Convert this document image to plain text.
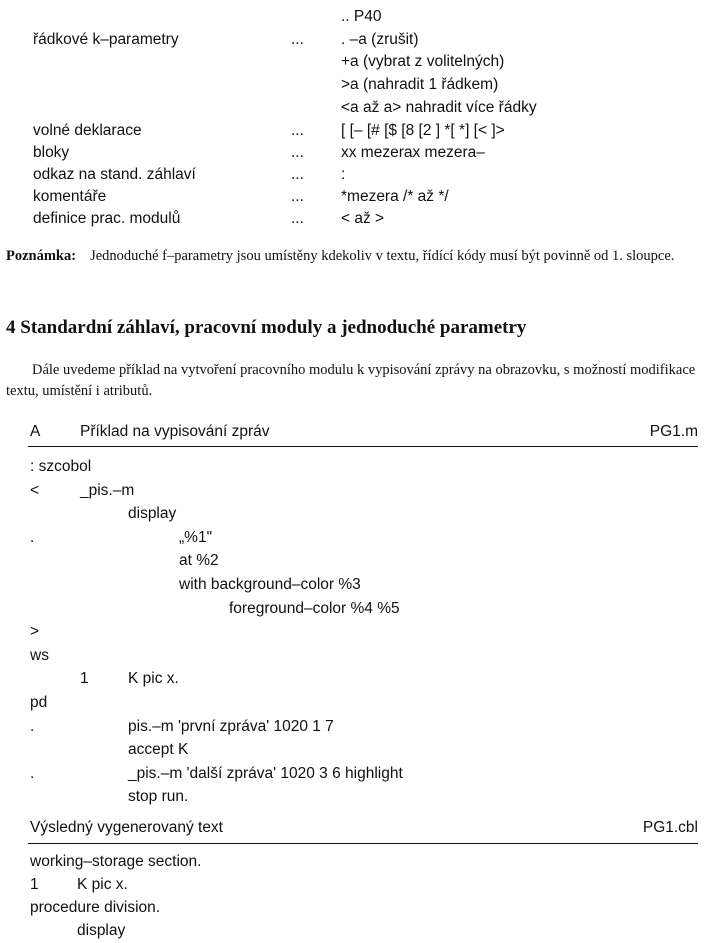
.. P40
řádkové k–parametry	... . –a (zrušit)
+a (vybrat z volitelných)
>a (nahradit 1 řádkem)
<a až a> nahradit více řádky
volné deklarace	... [ [– [# [$ [8 [2 ] *[ *] [< ]>
bloky	... xx mezerax mezera–
odkaz na stand. záhlaví	... :
komentáře	... *mezera /* až */
definice prac. modulů	... < až >
Poznámka: Jednoduché f–parametry jsou umístěny kdekoliv v textu, řídící kódy musí být povinně od 1. sloupce.
4 Standardní záhlaví, pracovní moduly a jednoduché parametry
Dále uvedeme příklad na vytvoření pracovního modulu k vypisování zprávy na obrazovku, s možností modifikace textu, umístění i atributů.
A	Příklad na vypisování zpráv	PG1.m
: szcobol
<	_pis.–m
display
.	„%1"
at %2
with background–color %3
foreground–color %4 %5
>
ws
1	K pic x.
pd
.	pis.–m 'první zpráva' 1020 1 7
accept K
.	_pis.–m 'další zpráva' 1020 3 6 highlight
stop run.
Výsledný vygenerovaný text	PG1.cbl
working–storage section.
1 K pic x.
procedure division.
display
